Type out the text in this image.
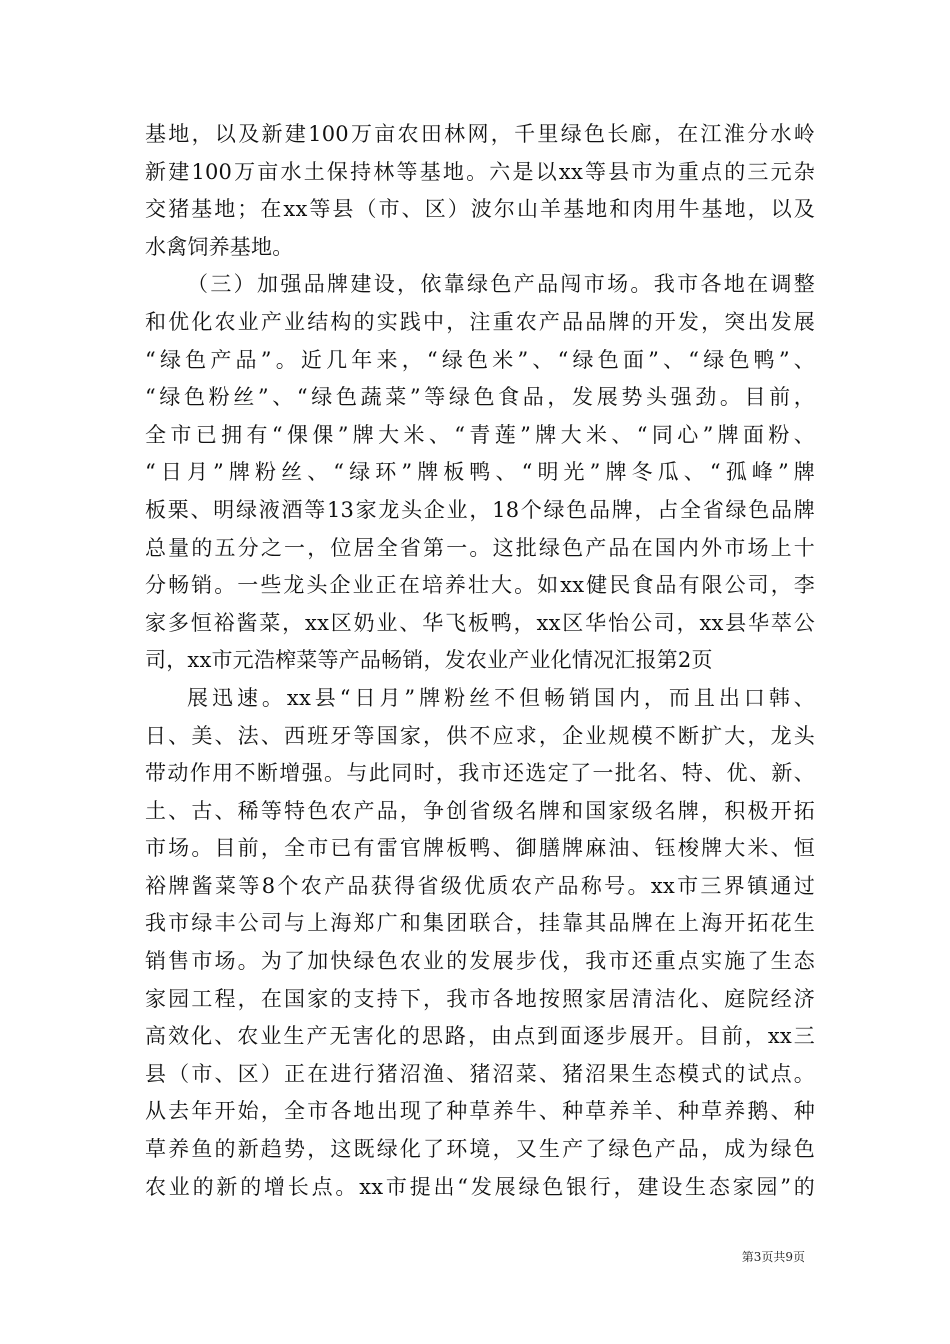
基地，以及新建100万亩农田林网，千里绿色长廊，在江淮分水岭
新建100万亩水土保持林等基地。六是以xx等县市为重点的三元杂
交猪基地；在xx等县（市、区）波尔山羊基地和肉用牛基地，以及
水禽饲养基地。
（三）加强品牌建设，依靠绿色产品闯市场。我市各地在调整
和优化农业产业结构的实践中，注重农产品品牌的开发，突出发展
“绿色产品”。近几年来，“绿色米”、“绿色面”、“绿色鸭”、
“绿色粉丝”、“绿色蔬菜”等绿色食品，发展势头强劲。目前，
全市已拥有“倮倮”牌大米、“青莲”牌大米、“同心”牌面粉、
“日月”牌粉丝、“绿环”牌板鸭、“明光”牌冬瓜、“孤峰”牌
板栗、明绿液酒等13家龙头企业，18个绿色品牌，占全省绿色品牌
总量的五分之一，位居全省第一。这批绿色产品在国内外市场上十
分畅销。一些龙头企业正在培养壮大。如xx健民食品有限公司，李
家多恒裕酱菜，xx区奶业、华飞板鸭，xx区华怡公司，xx县华萃公
司，xx市元浩榨菜等产品畅销，发农业产业化情况汇报第2页
展迅速。xx县“日月”牌粉丝不但畅销国内，而且出口韩、
日、美、法、西班牙等国家，供不应求，企业规模不断扩大，龙头
带动作用不断增强。与此同时，我市还选定了一批名、特、优、新、
土、古、稀等特色农产品，争创省级名牌和国家级名牌，积极开拓
市场。目前，全市已有雷官牌板鸭、御膳牌麻油、钰梭牌大米、恒
裕牌酱菜等8个农产品获得省级优质农产品称号。xx市三界镇通过
我市绿丰公司与上海郑广和集团联合，挂靠其品牌在上海开拓花生
销售市场。为了加快绿色农业的发展步伐，我市还重点实施了生态
家园工程，在国家的支持下，我市各地按照家居清洁化、庭院经济
高效化、农业生产无害化的思路，由点到面逐步展开。目前，xx三
县（市、区）正在进行猪沼渔、猪沼菜、猪沼果生态模式的试点。
从去年开始，全市各地出现了种草养牛、种草养羊、种草养鹅、种
草养鱼的新趋势，这既绿化了环境，又生产了绿色产品，成为绿色
农业的新的增长点。xx市提出“发展绿色银行，建设生态家园”的
第3页共9页
